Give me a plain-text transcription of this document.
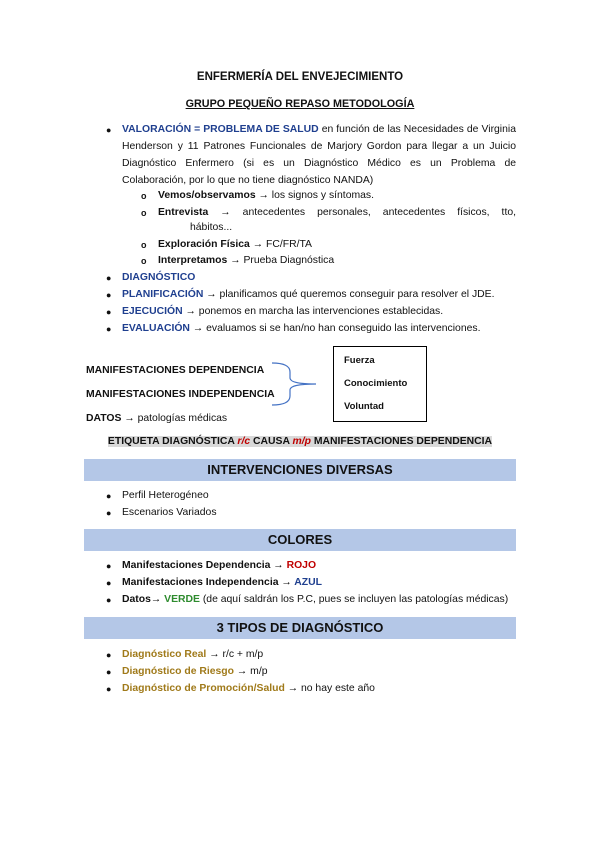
ENFERMERÍA DEL ENVEJECIMIENTO
GRUPO PEQUEÑO REPASO METODOLOGÍA
● VALORACIÓN = PROBLEMA DE SALUD en función de las Necesidades de Virginia
Henderson y 11 Patrones Funcionales de Marjory Gordon para llegar a un Juicio
Diagnóstico Enfermero (si es un Diagnóstico Médico es un Problema de
Colaboración, por lo que no tiene diagnóstico NANDA)
o Vemos/observamos → los signos y síntomas.
o Entrevista → antecedentes personales, antecedentes físicos, tto,
hábitos...
o Exploración Física → FC/FR/TA
o Interpretamos → Prueba Diagnóstica
● DIAGNÓSTICO
● PLANIFICACIÓN → planificamos qué queremos conseguir para resolver el JDE.
● EJECUCIÓN → ponemos en marcha las intervenciones establecidas.
● EVALUACIÓN → evaluamos si se han/no han conseguido las intervenciones.
MANIFESTACIONES DEPENDENCIA
MANIFESTACIONES INDEPENDENCIA
DATOS → patologías médicas
Fuerza
Conocimiento
Voluntad
ETIQUETA DIAGNÓSTICA r/c CAUSA m/p MANIFESTACIONES DEPENDENCIA
INTERVENCIONES DIVERSAS
● Perfil Heterogéneo
● Escenarios Variados
COLORES
● Manifestaciones Dependencia → ROJO
● Manifestaciones Independencia → AZUL
● Datos→ VERDE (de aquí saldrán los P.C, pues se incluyen las patologías médicas)
3 TIPOS DE DIAGNÓSTICO
● Diagnóstico Real → r/c + m/p
● Diagnóstico de Riesgo → m/p
● Diagnóstico de Promoción/Salud → no hay este año
